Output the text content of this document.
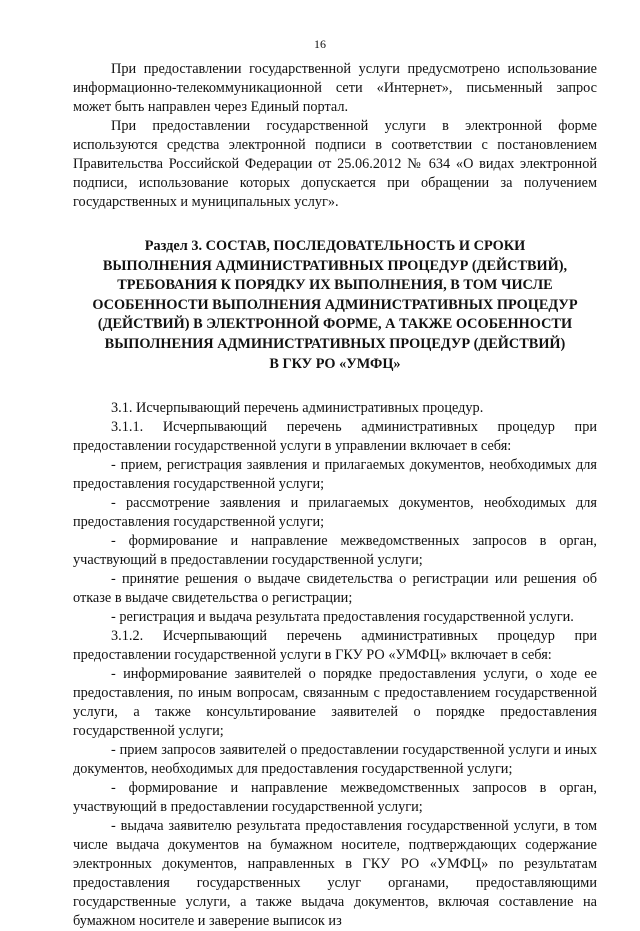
16

При предоставлении государственной услуги предусмотрено использование информационно-телекоммуникационной сети «Интернет», письменный запрос может быть направлен через Единый портал.

При предоставлении государственной услуги в электронной форме используются средства электронной подписи в соответствии с постановлением Правительства Российской Федерации от 25.06.2012 № 634 «О видах электронной подписи, использование которых допускается при обращении за получением государственных и муниципальных услуг».

Раздел 3. СОСТАВ, ПОСЛЕДОВАТЕЛЬНОСТЬ И СРОКИ
ВЫПОЛНЕНИЯ АДМИНИСТРАТИВНЫХ ПРОЦЕДУР (ДЕЙСТВИЙ),
ТРЕБОВАНИЯ К ПОРЯДКУ ИХ ВЫПОЛНЕНИЯ, В ТОМ ЧИСЛЕ
ОСОБЕННОСТИ ВЫПОЛНЕНИЯ АДМИНИСТРАТИВНЫХ ПРОЦЕДУР
(ДЕЙСТВИЙ) В ЭЛЕКТРОННОЙ ФОРМЕ, А ТАКЖЕ ОСОБЕННОСТИ
ВЫПОЛНЕНИЯ АДМИНИСТРАТИВНЫХ ПРОЦЕДУР (ДЕЙСТВИЙ)
В ГКУ РО «УМФЦ»

3.1. Исчерпывающий перечень административных процедур.

3.1.1. Исчерпывающий перечень административных процедур при предоставлении государственной услуги в управлении включает в себя:

- прием, регистрация заявления и прилагаемых документов, необходимых для предоставления государственной услуги;

- рассмотрение заявления и прилагаемых документов, необходимых для предоставления государственной услуги;

- формирование и направление межведомственных запросов в орган, участвующий в предоставлении государственной услуги;

- принятие решения о выдаче свидетельства о регистрации или решения об отказе в выдаче свидетельства о регистрации;

- регистрация и выдача результата предоставления государственной услуги.

3.1.2. Исчерпывающий перечень административных процедур при предоставлении государственной услуги в ГКУ РО «УМФЦ» включает в себя:

- информирование заявителей о порядке предоставления услуги, о ходе ее предоставления, по иным вопросам, связанным с предоставлением государственной услуги, а также консультирование заявителей о порядке предоставления государственной услуги;

- прием запросов заявителей о предоставлении государственной услуги и иных документов, необходимых для предоставления государственной услуги;

- формирование и направление межведомственных запросов в орган, участвующий в предоставлении государственной услуги;

- выдача заявителю результата предоставления государственной услуги, в том числе выдача документов на бумажном носителе, подтверждающих содержание электронных документов, направленных в ГКУ РО «УМФЦ» по результатам предоставления государственных услуг органами, предоставляющими государственные услуги, а также выдача документов, включая составление на бумажном носителе и заверение выписок из
